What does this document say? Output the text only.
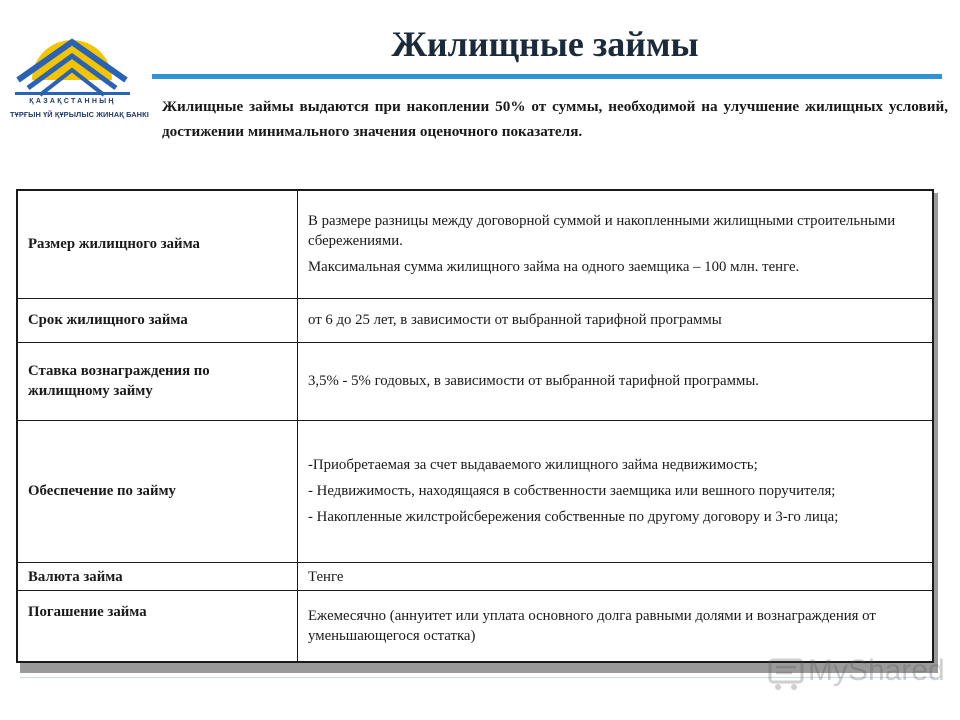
ҚАЗАҚСТАННЫҢ
ТҰРҒЫН ҮЙ ҚҰРЫЛЫС ЖИНАҚ БАНКІ
Жилищные займы

Жилищные займы выдаются при накоплении 50% от суммы, необходимой на улучшение жилищных условий, достижении минимального значения оценочного показателя.

Размер жилищного займа	В размере разницы между договорной суммой и накопленными жилищными строительными сбережениями.

Максимальная сумма жилищного займа на одного заемщика – 100 млн. тенге.

Срок жилищного займа	от 6 до 25 лет, в зависимости от выбранной тарифной программы

Ставка вознаграждения по жилищному займу	3,5% - 5% годовых, в зависимости от выбранной тарифной программы.

Обеспечение по займу	-Приобретаемая за счет выдаваемого жилищного займа недвижимость;

- Недвижимость, находящаяся в собственности заемщика или вешного поручителя;

- Накопленные жилстройсбережения собственные по другому договору и 3-го лица;

Валюта займа	Тенге

Погашение займа	Ежемесячно (аннуитет или уплата основного долга равными долями и вознаграждения от уменьшающегося остатка)

MyShared
